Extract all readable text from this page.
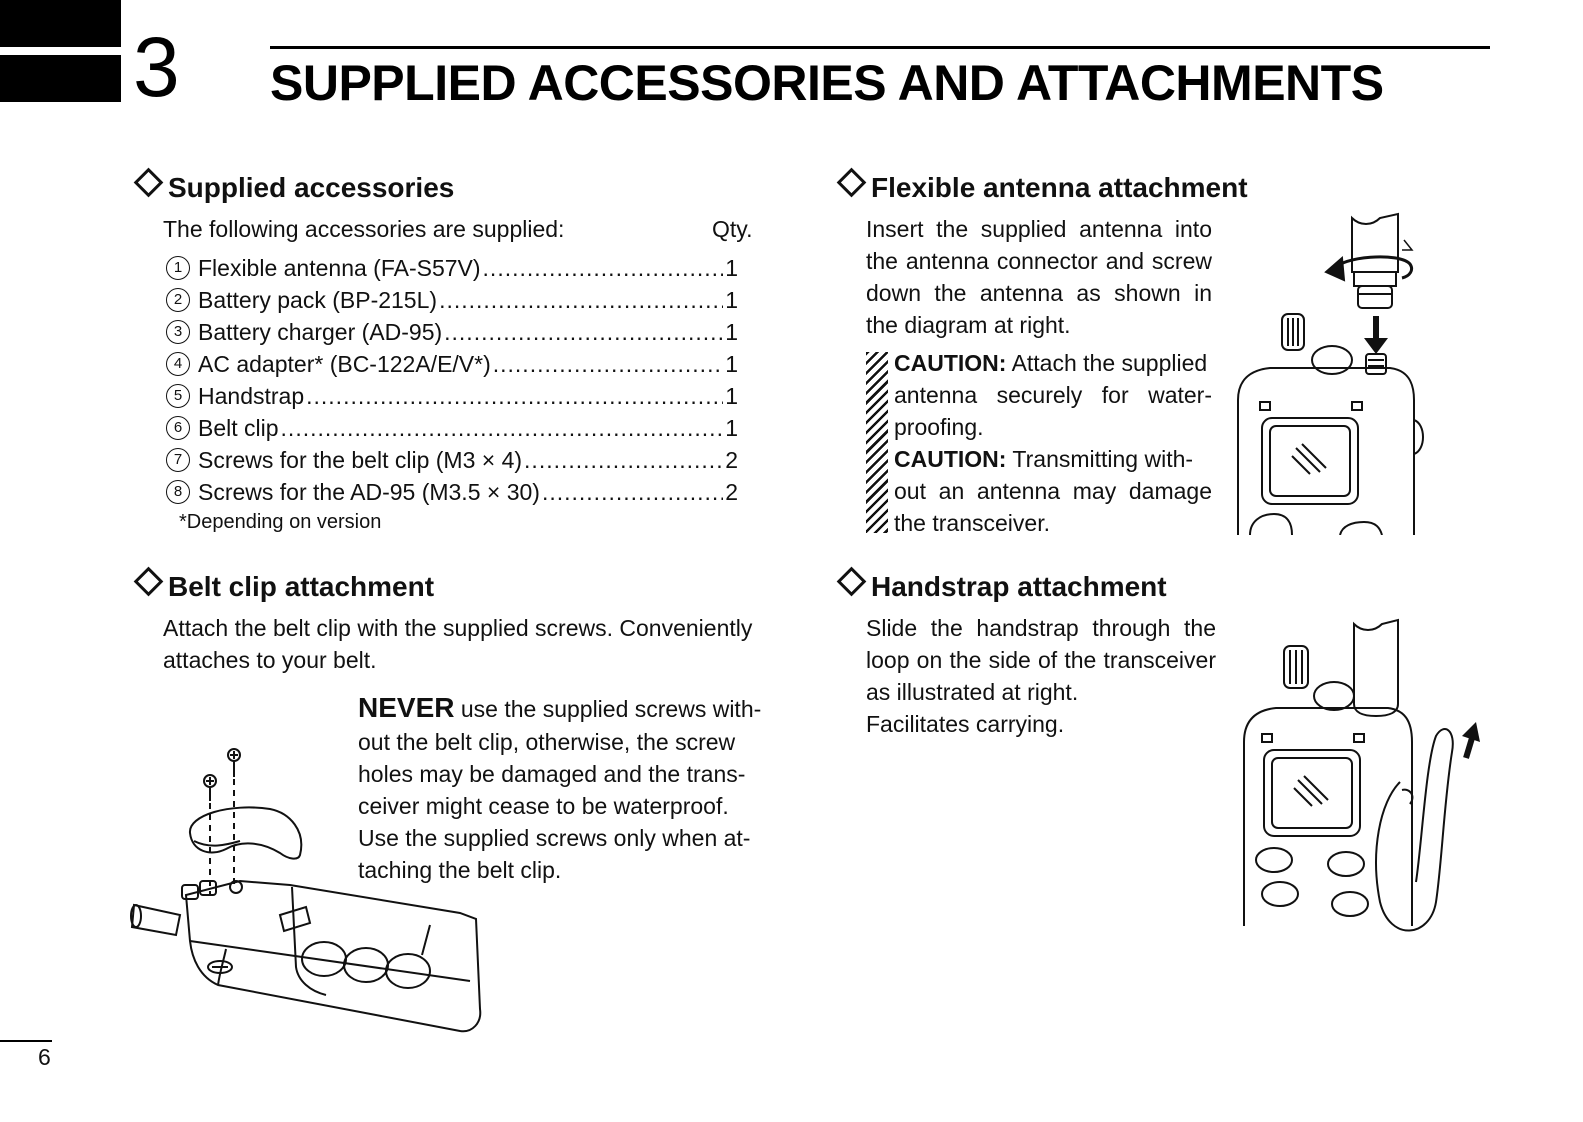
3 SUPPLIED ACCESSORIES AND ATTACHMENTS
Supplied accessories
The following accessories are supplied:	Qty.
1 Flexible antenna (FA-S57V) .....	1
2 Battery pack (BP-215L) .....	1
3 Battery charger (AD-95) .....	1
4 AC adapter* (BC-122A/E/V*) .....	1
5 Handstrap .....	1
6 Belt clip .....	1
7 Screws for the belt clip (M3 × 4) .....	2
8 Screws for the AD-95 (M3.5 × 30) .....	2
*Depending on version
Belt clip attachment
Attach the belt clip with the supplied screws. Conveniently attaches to your belt.
NEVER use the supplied screws with-
out the belt clip, otherwise, the screw
holes may be damaged and the trans-
ceiver might cease to be waterproof.
Use the supplied screws only when at-
taching the belt clip.
Flexible antenna attachment
Insert the supplied antenna into the antenna connector and screw down the antenna as shown in the diagram at right.
CAUTION: Attach the supplied
antenna securely for water-proofing.
CAUTION: Transmitting with-
out an antenna may damage the transceiver.
Handstrap attachment
Slide the handstrap through the loop on the side of the transceiver as illustrated at right.
Facilitates carrying.
6
